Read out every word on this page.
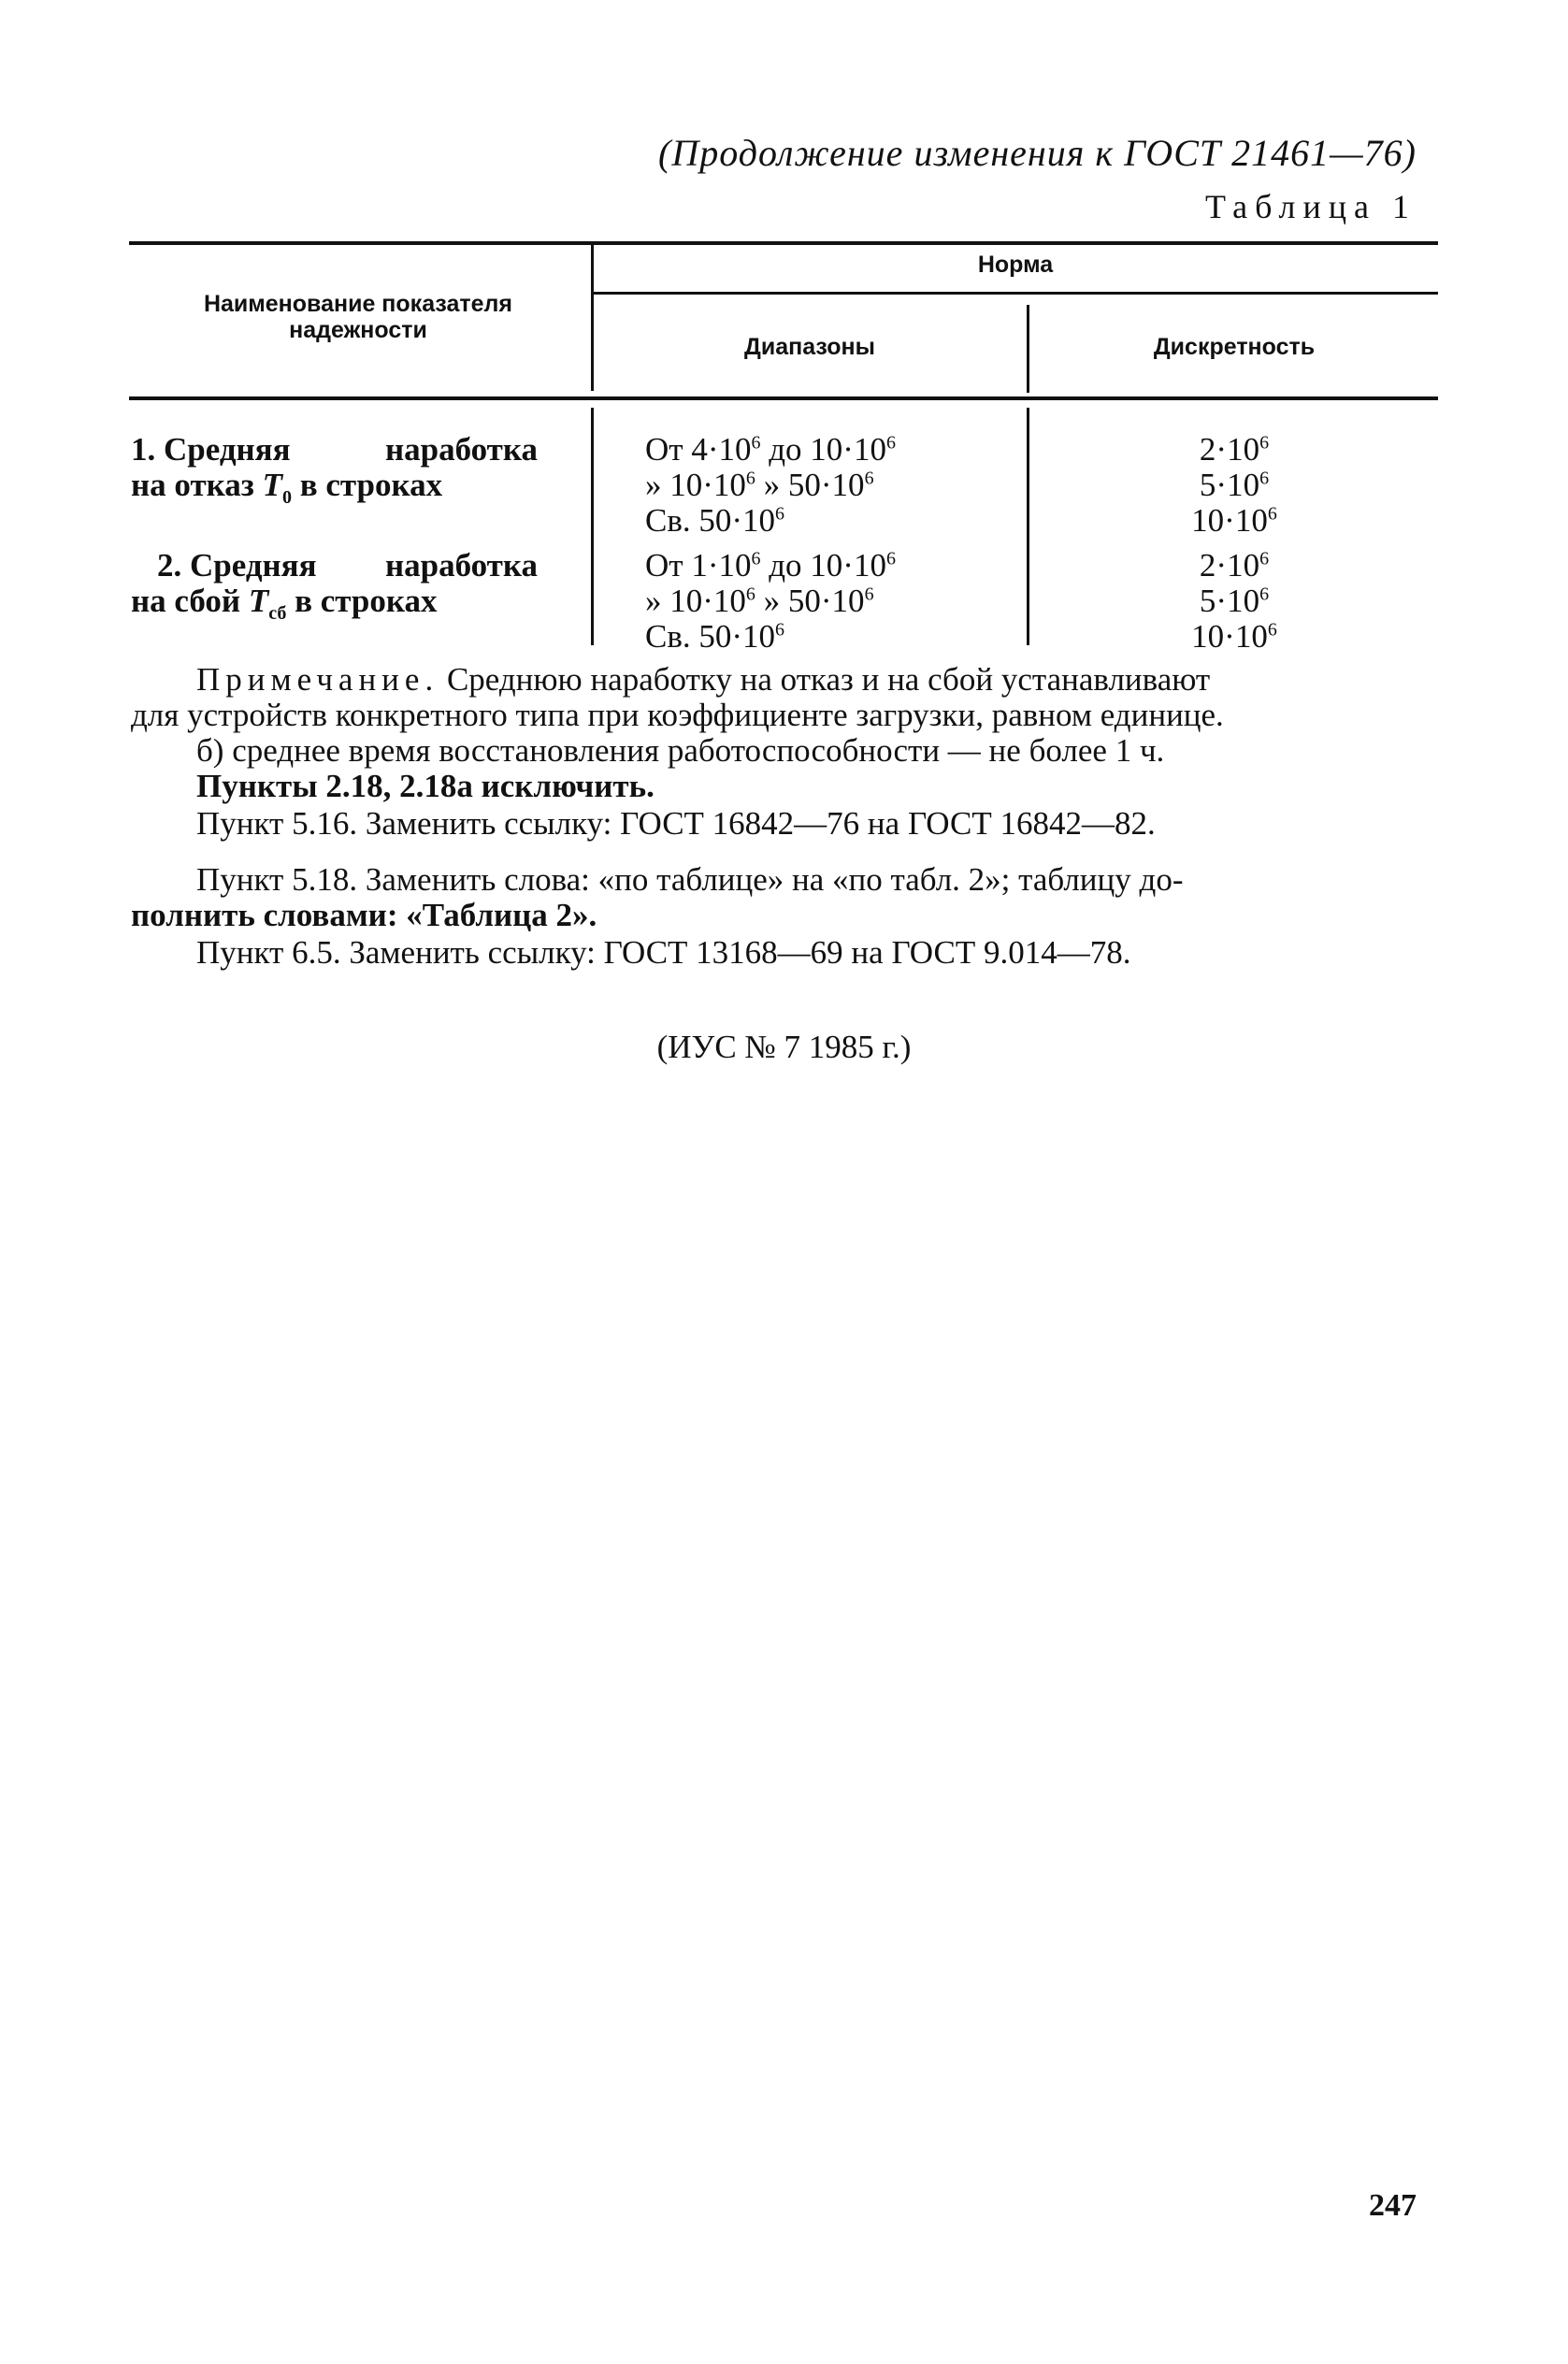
(Продолжение изменения к ГОСТ 21461—76)
Таблица 1
Наименование показателя
надежности
Норма
Диапазоны	Дискретность
1. Средняя	наработка
на отказ $T_0$ в строках
От $4\cdot 10^6$ до $10\cdot 10^6$
» $10\cdot 10^6$ » $50\cdot 10^6$
Св. $50\cdot 10^6$
$2\cdot 10^6$
$5\cdot 10^6$
$10\cdot 10^6$
2. Средняя наработка
на сбой $T_{сб}$ в строках
От $1\cdot 10^6$ до $10\cdot 10^6$
» $10\cdot 10^6$ » $50\cdot 10^6$
Св. $50\cdot 10^6$
$2\cdot 10^6$
$5\cdot 10^6$
$10\cdot 10^6$
Примечание. Среднюю наработку на отказ и на сбой устанавливают
для устройств конкретного типа при коэффициенте загрузки, равном единице.
б) среднее время восстановления работоспособности — не более 1 ч.
Пункты 2.18, 2.18а исключить.
Пункт 5.16. Заменить ссылку: ГОСТ 16842—76 на ГОСТ 16842—82.
Пункт 5.18. Заменить слова: «по таблице» на «по табл. 2»; таблицу до-
полнить словами: «Таблица 2».
Пункт 6.5. Заменить ссылку: ГОСТ 13168—69 на ГОСТ 9.014—78.
(ИУС № 7 1985 г.)
247
